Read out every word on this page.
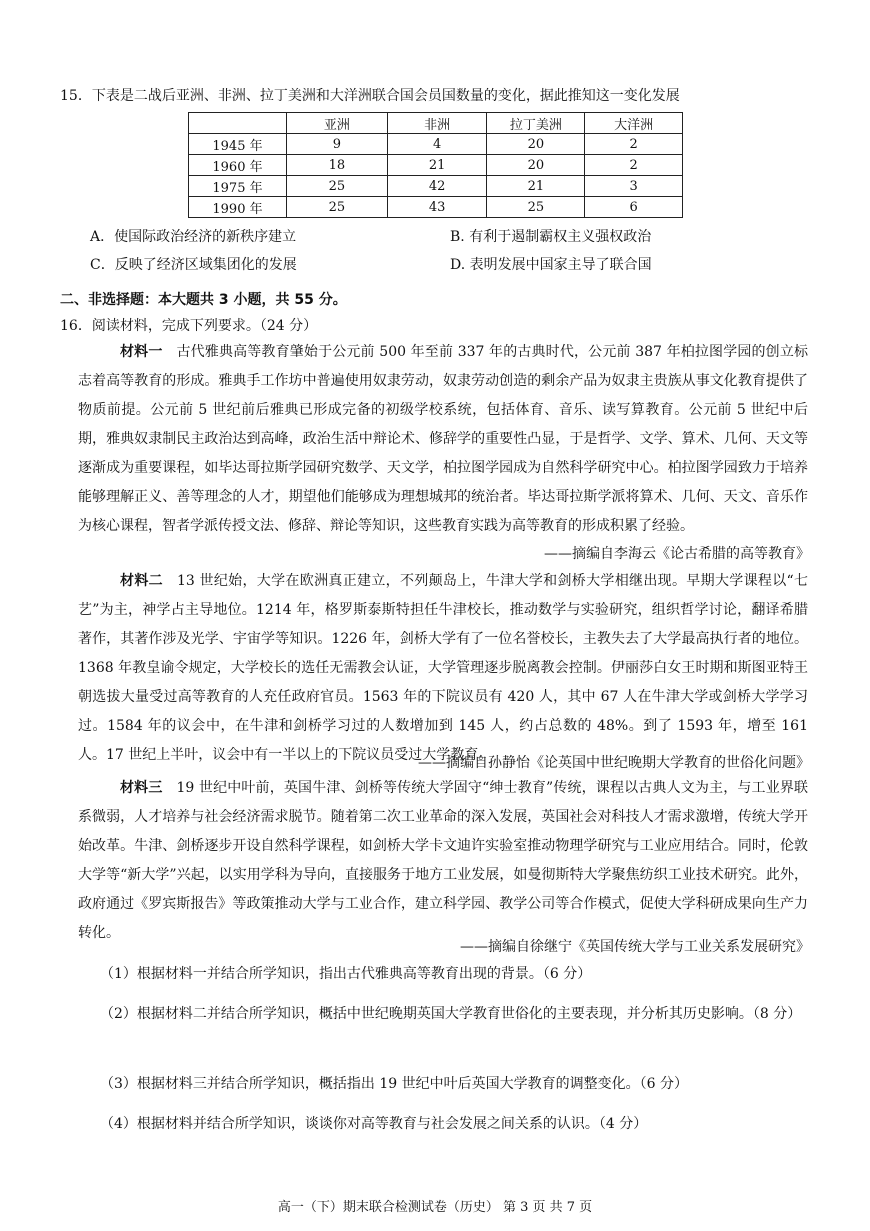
15．下表是二战后亚洲、非洲、拉丁美洲和大洋洲联合国会员国数量的变化，据此推知这一变化发展
	亚洲	非洲	拉丁美洲	大洋洲
1945 年	9	4	20	2
1960 年	18	21	20	2
1975 年	25	42	21	3
1990 年	25	43	25	6
A．使国际政治经济的新秩序建立	B. 有利于遏制霸权主义强权政治
C．反映了经济区域集团化的发展	D. 表明发展中国家主导了联合国
二、非选择题：本大题共 3 小题，共 55 分。
16．阅读材料，完成下列要求。（24 分）
材料一 古代雅典高等教育肇始于公元前 500 年至前 337 年的古典时代，公元前 387 年柏拉图学园的创立标志着高等教育的形成。雅典手工作坊中普遍使用奴隶劳动，奴隶劳动创造的剩余产品为奴隶主贵族从事文化教育提供了物质前提。公元前 5 世纪前后雅典已形成完备的初级学校系统，包括体育、音乐、读写算教育。公元前 5 世纪中后期，雅典奴隶制民主政治达到高峰，政治生活中辩论术、修辞学的重要性凸显，于是哲学、文学、算术、几何、天文等逐渐成为重要课程，如毕达哥拉斯学园研究数学、天文学，柏拉图学园成为自然科学研究中心。柏拉图学园致力于培养能够理解正义、善等理念的人才，期望他们能够成为理想城邦的统治者。毕达哥拉斯学派将算术、几何、天文、音乐作为核心课程，智者学派传授文法、修辞、辩论等知识，这些教育实践为高等教育的形成积累了经验。
——摘编自李海云《论古希腊的高等教育》
材料二 13 世纪始，大学在欧洲真正建立，不列颠岛上，牛津大学和剑桥大学相继出现。早期大学课程以“七艺”为主，神学占主导地位。1214 年，格罗斯泰斯特担任牛津校长，推动数学与实验研究，组织哲学讨论，翻译希腊著作，其著作涉及光学、宇宙学等知识。1226 年，剑桥大学有了一位名誉校长，主教失去了大学最高执行者的地位。1368 年教皇谕令规定，大学校长的选任无需教会认证，大学管理逐步脱离教会控制。伊丽莎白女王时期和斯图亚特王朝选拔大量受过高等教育的人充任政府官员。1563 年的下院议员有 420 人，其中 67 人在牛津大学或剑桥大学学习过。1584 年的议会中，在牛津和剑桥学习过的人数增加到 145 人，约占总数的 48%。到了 1593 年，增至 161 人。17 世纪上半叶，议会中有一半以上的下院议员受过大学教育。
——摘编自孙静怡《论英国中世纪晚期大学教育的世俗化问题》
材料三 19 世纪中叶前，英国牛津、剑桥等传统大学固守“绅士教育”传统，课程以古典人文为主，与工业界联系微弱，人才培养与社会经济需求脱节。随着第二次工业革命的深入发展，英国社会对科技人才需求激增，传统大学开始改革。牛津、剑桥逐步开设自然科学课程，如剑桥大学卡文迪许实验室推动物理学研究与工业应用结合。同时，伦敦大学等“新大学”兴起，以实用学科为导向，直接服务于地方工业发展，如曼彻斯特大学聚焦纺织工业技术研究。此外，政府通过《罗宾斯报告》等政策推动大学与工业合作，建立科学园、教学公司等合作模式，促使大学科研成果向生产力转化。
——摘编自徐继宁《英国传统大学与工业关系发展研究》
（1）根据材料一并结合所学知识，指出古代雅典高等教育出现的背景。（6 分）
（2）根据材料二并结合所学知识，概括中世纪晚期英国大学教育世俗化的主要表现，并分析其历史影响。（8 分）
（3）根据材料三并结合所学知识，概括指出 19 世纪中叶后英国大学教育的调整变化。（6 分）
（4）根据材料并结合所学知识，谈谈你对高等教育与社会发展之间关系的认识。（4 分）
高一（下）期末联合检测试卷（历史） 第 3 页 共 7 页
